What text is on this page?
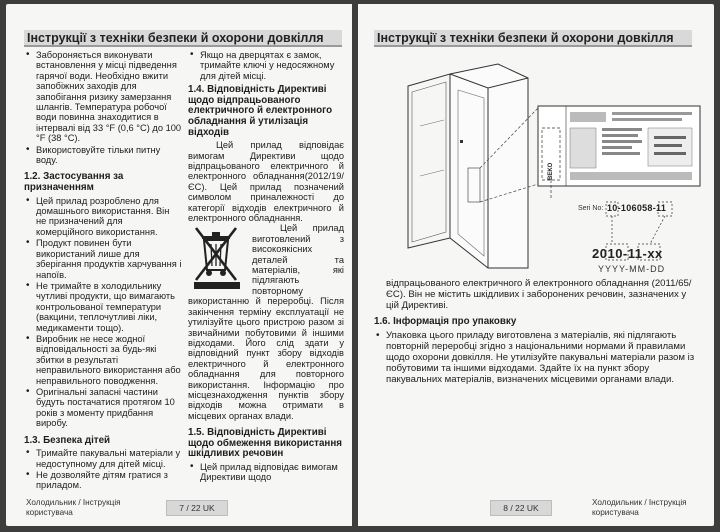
Інструкції з техніки безпеки й охорони довкілля
• Забороняється виконувати встановлення у місці підведення гарячої води. Необхідно вжити запобіжних заходів для запобігання ризику замерзання шлангів. Температура робочої води повинна знаходитися в інтервалі від 33 °F (0,6 °C) до 100 °F (38 °C).
• Використовуйте тільки питну воду.
1.2. Застосування за призначенням
• Цей прилад розроблено для домашнього використання. Він не призначений для комерційного використання.
• Продукт повинен бути використаний лише для зберігання продуктів харчування і напоїв.
• Не тримайте в холодильнику чутливі продукти, що вимагають контрольованої температури (вакцини, теплочутливі ліки, медикаменти тощо).
• Виробник не несе жодної відповідальності за будь-які збитки в результаті неправильного використання або неправильного поводження.
• Оригінальні запасні частини будуть постачатися протягом 10 років з моменту придбання виробу.
1.3. Безпека дітей
• Тримайте пакувальні матеріали у недоступному для дітей місці.
• Не дозволяйте дітям гратися з приладом.
• Якщо на дверцятах є замок, тримайте ключі у недосяжному для дітей місці.
1.4. Відповідність Директиві щодо відпрацьованого електричного й електронного обладнання й утилізація відходів

Цей прилад відповідає вимогам Директиви щодо відпрацьованого електричного й електронного обладнання(2012/19/ЄС). Цей прилад позначений символом приналежності до категорії відходів електричного й електронного обладнання.

Цей прилад виготовлений з високоякісних деталей та матеріалів, які підлягають повторному використанню й переробці. Після закінчення терміну експлуатації не утилізуйте цього пристрою разом зі звичайними побутовими й іншими відходами. Його слід здати у відповідний пункт збору відходів електричного й електронного обладнання для повторного використання. Інформацію про місцезнаходження пунктів збору відходів можна отримати в місцевих органах влади.

1.5. Відповідність Директиві щодо обмеження використання шкідливих речовин
• Цей прилад відповідає вимогам Директиви щодо
Холодильник / Інструкція користувача	7 / 22 UK
Інструкції з техніки безпеки й охорони довкілля
BEKO
Seri No: 10-106058-11
2010-11-xx
YYYY-MM-DD

відпрацьованого електричного й електронного обладнання (2011/65/ЄС). Він не містить шкідливих і заборонених речовин, зазначених у цій Директиві.

1.6. Інформація про упаковку
• Упаковка цього приладу виготовлена з матеріалів, які підлягають повторній переробці згідно з національними нормами й правилами щодо охорони довкілля. Не утилізуйте пакувальні матеріали разом із побутовими та іншими відходами. Здайте їх на пункт збору пакувальних матеріалів, визначених місцевими органами влади.
8 / 22 UK
Холодильник / Інструкція користувача
